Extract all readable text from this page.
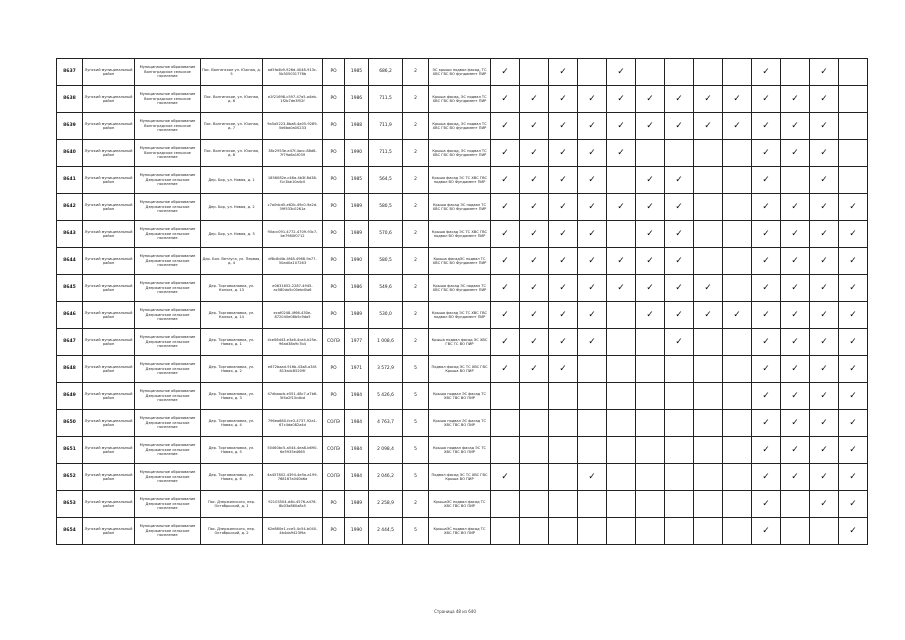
8637	Лунский муниципальный район	Муниципальное образование Волгоградское сельское поселение	Пос. Волгинское ул. Южная, д. 5	ad5fa4b9-926d-4048-913c-5b305031776b	РО	1985	686,2	2	ЭС крыши подвал фасад, ТС ХВС ГВС ВО фундамент ПИР	✓		✓		✓					✓		✓	
8638	Лунский муниципальный район	Муниципальное образование Волгоградское сельское поселение	Пос. Волгинское, ул. Южная, д. 6	e2f21698-c597-47a5-a4eb-1f2b7de3f52f	РО	1986	711,5	2	Крыша фасад, ЭС подвал ТС ХВС ГВС ВО Фундамент ПИР	✓	✓	✓	✓	✓	✓	✓	✓	✓	✓	✓	✓	
8639	Лунский муниципальный район	Муниципальное образование Волгоградское сельское поселение	Пос. Волгинское, ул. Южная, д. 7	9a5a5223-8ba8-4a05-9289-5d6ba0a00233	РО	1988	711,9	2	Крыша фасад, ЭС подвал ТС ХВС ГВС ВО фундамент ПИР	✓	✓	✓	✓	✓	✓	✓	✓	✓	✓	✓	✓	
8640	Лунский муниципальный район	Муниципальное образование Волгоградское сельское поселение	Пос. Волгинское, ул. Южная, д. 8	38c2953e-e47f-4acc-88d8-7f79a6a1f039	РО	1990	711,5	2	Крыша фасад, ЭС подвал ТС ХВС ГВС ВО Фундамент ПИР	✓	✓	✓	✓	✓					✓	✓	✓	
8641	Лунский муниципальный район	Муниципальное образование Дзержинское сельское поселение	Дер. Бор, ул. Новая, д. 1	1856082e-c46a-4b3f-8d38-f1c3be10a4c0	РО	1985	564,5	2	Крыша фасад ЭС ТС ХВС ГВС подвал ВО Фундамент ПИР	✓	✓	✓	✓		✓	✓			✓		✓	
8642	Лунский муниципальный район	Муниципальное образование Дзержинское сельское поселение	Дер. Бор, ул. Новая, д. 2	c7a0dcd5-e62b-49c0-9a2d-39f533c0261a	РО	1989	580,5	2	Крыша фасад ЭС подвал ТС ХВС ГВС ВО Фундамент ПИР	✓	✓	✓	✓	✓	✓	✓			✓	✓	✓	✓
8643	Лунский муниципальный район	Муниципальное образование Дзержинское сельское поселение	Дер. Бор, ул. Новая, д. 3	90acc091-4772-4709-93c7-be7980f0712	РО	1989	570,6	2	Крыша фасад ЭС ТС ХВС ГВС подвал ВО Фундамент ПИР	✓	✓	✓	✓		✓	✓			✓	✓	✓	✓
8644	Лунский муниципальный район	Муниципальное образование Дзержинское сельское поселение	Дер. Бол. Ветлуга, ул. Первая, д. 4	df8c8d4b-4f48-4968-9a77-50ad0a107263	РО	1990	580,5	2	Крыша фасадЭС подвал ТС ХВС ГВС ВО Фундамент ПИР	✓	✓	✓	✓	✓	✓	✓			✓	✓	✓	✓
8645	Лунский муниципальный район	Муниципальное образование Дзержинское сельское поселение	Дер. Торговкановка, ул. Колхоз, д. 13	e0631652-2287-4945-ac580da5c00ebd0a6	РО	1986	549,6	2	Крыша фасад ЭС подвал ТС ХВС ГВС ВО Фундамент ПИР	✓	✓	✓	✓	✓	✓	✓	✓		✓	✓	✓	✓
8646	Лунский муниципальный район	Муниципальное образование Дзержинское сельское поселение	Дер. Торговкановка, ул. Колхоз, д. 14	ecaf0248-4f66-430e-872040e08b5c9da5	РО	1989	530,0	2	Крыша фасад ЭС ТС ХВС ГВС подвал ВО Фундамент ПИР	✓	✓	✓	✓		✓	✓	✓	✓	✓	✓	✓	✓
8647	Лунский муниципальный район	Муниципальное образование Дзержинское сельское поселение	Дер. Торговкановка, ул. Новая, д. 1	4ce06d43-e3a6-4ca4-b25e-96ad38a9c7b4	СОЛЭ	1977	1 008,6	2	Крыша подвал фасад ЭС ХВС ГВС ТС ВО ПИР	✓	✓	✓	✓			✓			✓	✓	✓	✓
8648	Лунский муниципальный район	Муниципальное образование Дзержинское сельское поселение	Дер. Торговкановка, ул. Новая, д. 2	e672baad-916b-43a8-a34f-813adc85209f	РО	1971	3 572,9	5	Подвал фасад ЭС ТС ХВС ГВС Крыша ВО ПИР	✓	✓	✓							✓	✓	✓	✓
8649	Лунский муниципальный район	Муниципальное образование Дзержинское сельское поселение	Дер. Торговкановка, ул. Новая, д. 3	47dbaacb-e551-48c7-a7b6-5f4a2f15cdbd	РО	1984	5 426,6	5	Крыша подвал ЭС фасад ТС ХВС ГВС ВО ПИР										✓	✓	✓	✓
8650	Лунский муниципальный район	Муниципальное образование Дзержинское сельское поселение	Дер. Торговкановка, ул. Новая, д. 4	796ea680-fce3-4737-92a1-67c4da082a4d	СОЛЭ	1984	4 763,7	5	Крыша подвал ЭС фасад ТС ХВС ГВС ВО ПИР										✓	✓	✓	✓
8651	Лунский муниципальный район	Муниципальное образование Дзержинское сельское поселение	Дер. Торговкановка, ул. Новая, д. 5	50460bc5-a544-4ea8-b690-6e5935e4665	СОЛЭ	1984	2 098,4	5	Крыша подвал фасад ЭС ТС ХВС ГВС ВО ПИР										✓	✓	✓	✓
8652	Лунский муниципальный район	Муниципальное образование Дзержинское сельское поселение	Дер. Торговкановка, ул. Новая, д. 6	4a457802-4394-4e5a-a199-768167a040b6a	СОЛЭ	1984	2 046,2	5	Подвал фасад ЭС ТС ХВС ГВС Крыша ВО ПИР	✓			✓						✓	✓	✓	✓
8653	Лунский муниципальный район	Муниципальное образование Дзержинское сельское поселение	Пос. Дзержинского, пер. Октябрьский, д. 1	92103504-d4b-4576-a476-8b03a860a8c5	РО	1989	2 258,9	2	КрышаЭС подвал фасад ТС ХВС ГВС ВО ПИР										✓		✓	✓
8654	Лунский муниципальный район	Муниципальное образование Дзержинское сельское поселение	Пос. Дзержинского, пер. Октябрьский, д. 2	62e860e1-cce5-4c54-b040-4b4da9423f9a	РО	1990	2 444,5	5	КрышаЭС подвал фасад ТС ХВС ГВС ВО ПИР										✓			✓
Страница 48 из 640
